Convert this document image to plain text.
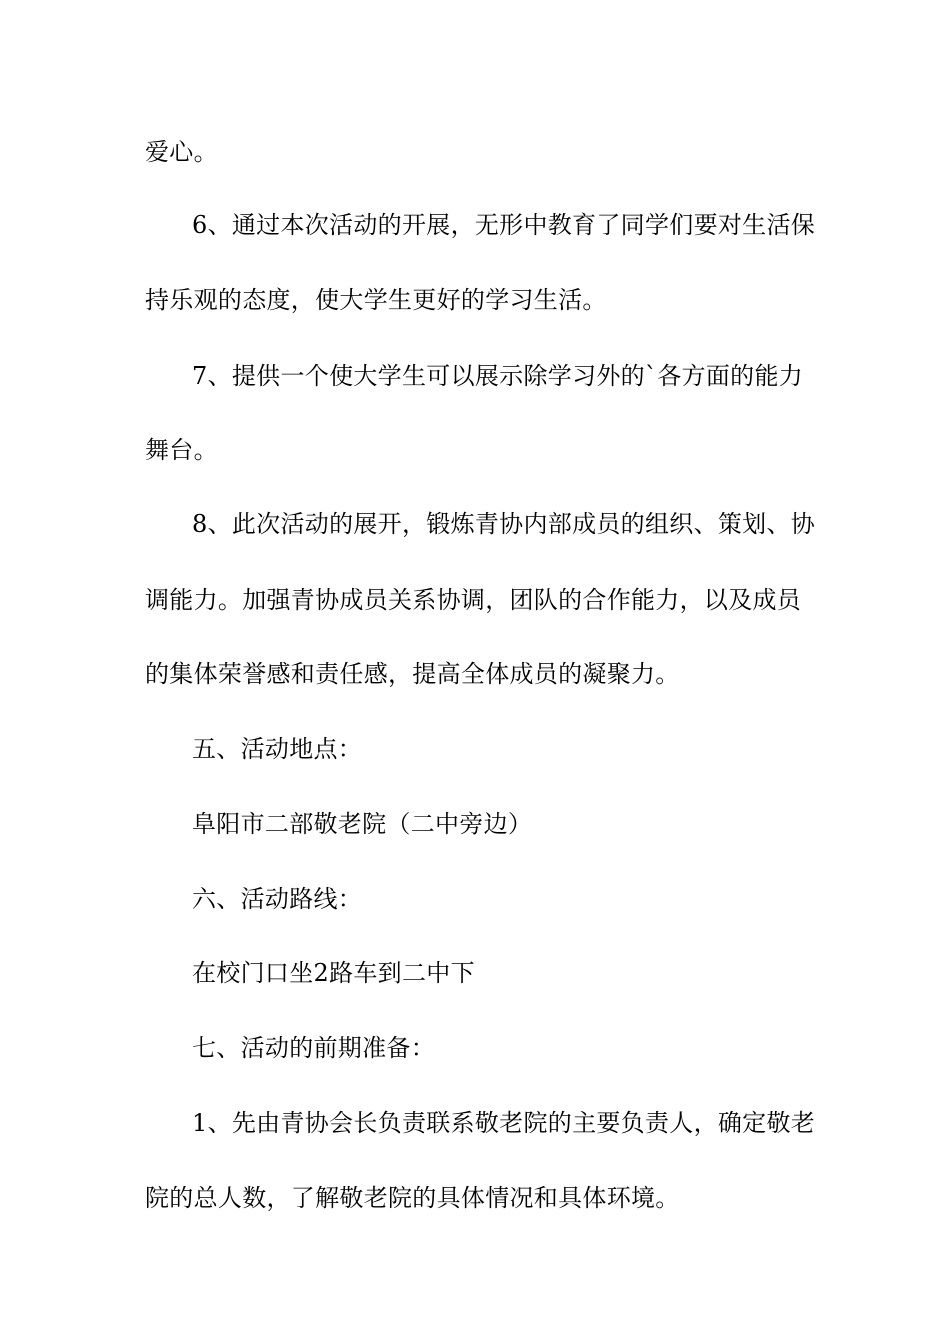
爱心。
6、通过本次活动的开展，无形中教育了同学们要对生活保
持乐观的态度，使大学生更好的学习生活。
7、提供一个使大学生可以展示除学习外的`各方面的能力
舞台。
8、此次活动的展开，锻炼青协内部成员的组织、策划、协
调能力。加强青协成员关系协调，团队的合作能力，以及成员
的集体荣誉感和责任感，提高全体成员的凝聚力。
五、活动地点：
阜阳市二部敬老院（二中旁边）
六、活动路线：
在校门口坐2路车到二中下
七、活动的前期准备：
1、先由青协会长负责联系敬老院的主要负责人，确定敬老
院的总人数，了解敬老院的具体情况和具体环境。
